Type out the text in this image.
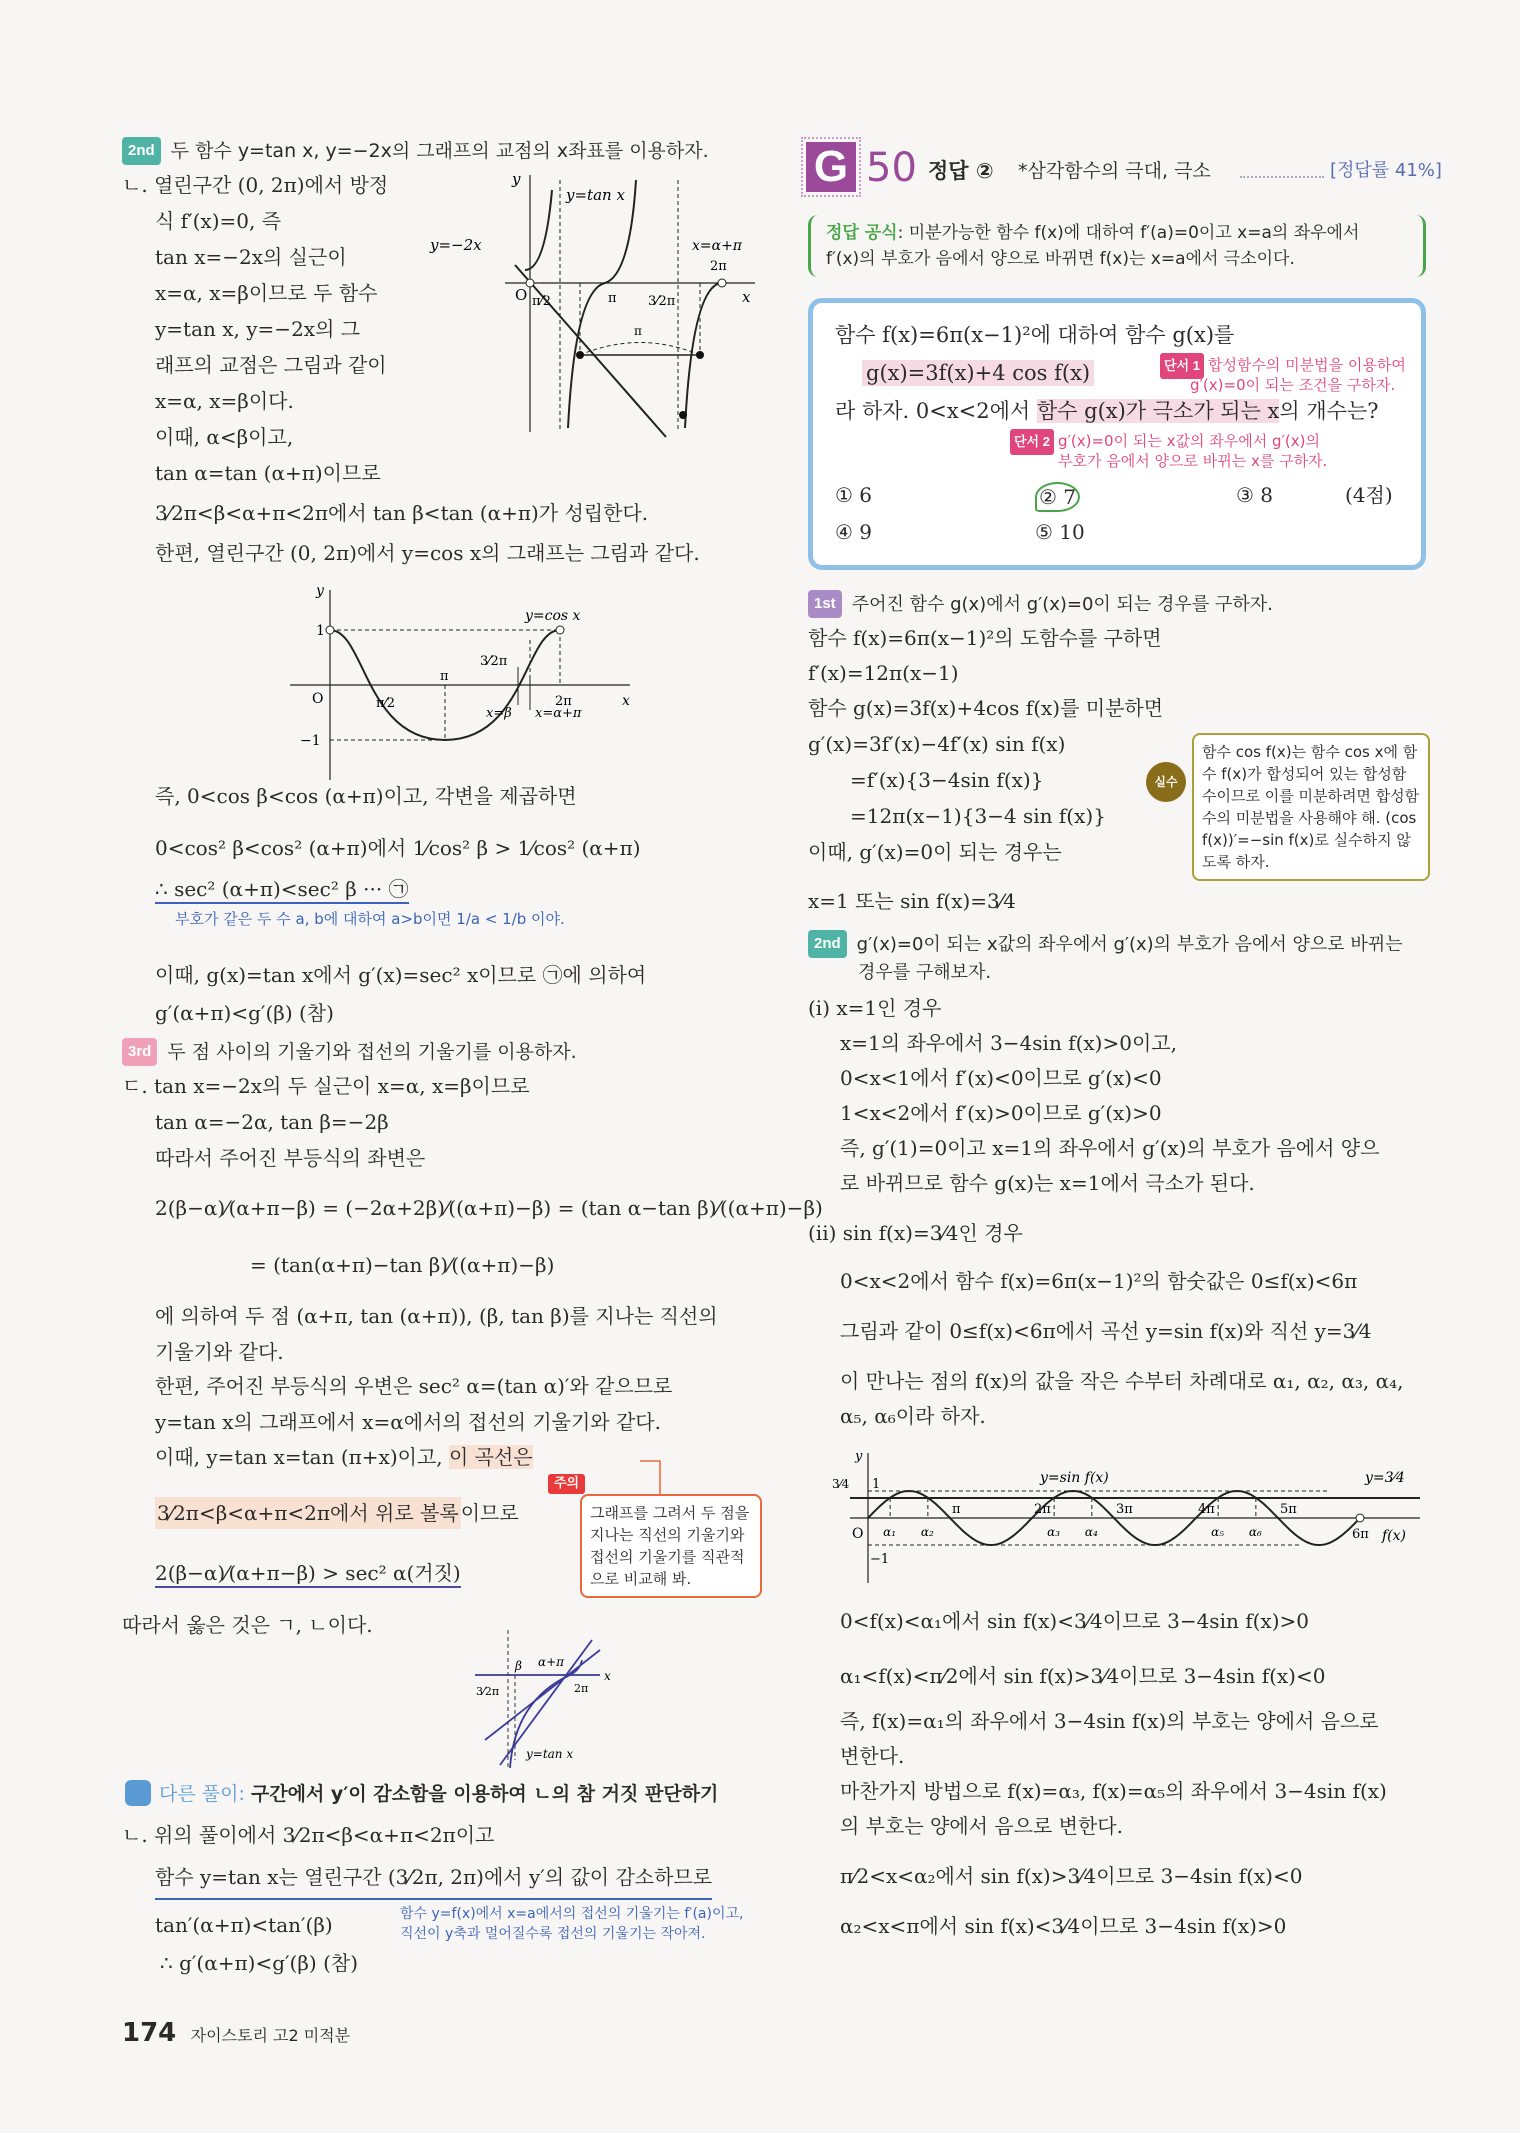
2nd 두 함수 y=tan x, y=−2x의 그래프의 교점의 x좌표를 이용하자.
ㄴ. 열린구간 (0, 2π)에서 방정
식 f′(x)=0, 즉
tan x=−2x의 실근이
x=α, x=β이므로 두 함수
y=tan x, y=−2x의 그
래프의 교점은 그림과 같이
x=α, x=β이다.
이때, α<β이고,
tan α=tan (α+π)이므로
3⁄2π<β<α+π<2π에서 tan β<tan (α+π)가 성립한다.
한편, 열린구간 (0, 2π)에서 y=cos x의 그래프는 그림과 같다.
y
x
O
y=tan x
y=−2x
π⁄2	π 3⁄2π
2π
x=α+π
π
y
x
O
1
−1
y=cos x
π⁄2
π
3⁄2π
2π
x=β x=α+π
즉, 0<cos β<cos (α+π)이고, 각변을 제곱하면
0<cos² β<cos² (α+π)에서 1⁄cos² β > 1⁄cos² (α+π)
∴ sec² (α+π)<sec² β ··· ㉠
부호가 같은 두 수 a, b에 대하여 a>b이면 1/a < 1/b 이야.
이때, g(x)=tan x에서 g′(x)=sec² x이므로 ㉠에 의하여
g′(α+π)<g′(β) (참)
3rd 두 점 사이의 기울기와 접선의 기울기를 이용하자.
ㄷ. tan x=−2x의 두 실근이 x=α, x=β이므로
tan α=−2α, tan β=−2β
따라서 주어진 부등식의 좌변은
2(β−α)⁄(α+π−β) = (−2α+2β)⁄((α+π)−β) = (tan α−tan β)⁄((α+π)−β)
= (tan(α+π)−tan β)⁄((α+π)−β)
에 의하여 두 점 (α+π, tan (α+π)), (β, tan β)를 지나는 직선의
기울기와 같다.
한편, 주어진 부등식의 우변은 sec² α=(tan α)′와 같으므로
y=tan x의 그래프에서 x=α에서의 접선의 기울기와 같다.
이때, y=tan x=tan (π+x)이고, 이 곡선은
3⁄2π<β<α+π<2π에서 위로 볼록 이므로
2(β−α)⁄(α+π−β) > sec² α(거짓)
따라서 옳은 것은 ㄱ, ㄴ이다.
주의
그래프를 그려서 두 점을 지나는 직선의 기울기와 접선의 기울기를 직관적으로 비교해 봐.
β α+π
3⁄2π	2π
x
y=tan x
다른 풀이: 구간에서 y′이 감소함을 이용하여 ㄴ의 참 거짓 판단하기
ㄴ. 위의 풀이에서 3⁄2π<β<α+π<2π이고
함수 y=tan x는 열린구간 (3⁄2π, 2π)에서 y′의 값이 감소하므로
tan′(α+π)<tan′(β)	함수 y=f(x)에서 x=a에서의 접선의 기울기는 f′(a)이고,
직선이 y축과 멀어질수록 접선의 기울기는 작아져.
∴ g′(α+π)<g′(β) (참)
174 자이스토리 고2 미적분
G 50 정답 ② *삼각함수의 극대, 극소	[정답률 41%]
정답 공식: 미분가능한 함수 f(x)에 대하여 f′(a)=0이고 x=a의 좌우에서
f′(x)의 부호가 음에서 양으로 바뀌면 f(x)는 x=a에서 극소이다.
함수 f(x)=6π(x−1)²에 대하여 함수 g(x)를
g(x)=3f(x)+4 cos f(x)	단서 1 합성함수의 미분법을 이용하여
g′(x)=0이 되는 조건을 구하자.
라 하자. 0<x<2에서 함수 g(x)가 극소가 되는 x의 개수는?
단서 2 g′(x)=0이 되는 x값의 좌우에서 g′(x)의
부호가 음에서 양으로 바뀌는 x를 구하자.
(4점)
① 6	② 7	③ 8
④ 9	⑤ 10
1st 주어진 함수 g(x)에서 g′(x)=0이 되는 경우를 구하자.
함수 f(x)=6π(x−1)²의 도함수를 구하면
f′(x)=12π(x−1)
함수 g(x)=3f(x)+4cos f(x)를 미분하면
g′(x)=3f′(x)−4f′(x) sin f(x)
=f′(x){3−4sin f(x)}
=12π(x−1){3−4 sin f(x)}
이때, g′(x)=0이 되는 경우는
x=1 또는 sin f(x)=3⁄4
실수
함수 cos f(x)는 함수 cos x에 함수 f(x)가 합성되어 있는 합성함수이므로 이를 미분하려면 합성함수의 미분법을 사용해야 해. (cos f(x))′=−sin f(x)로 실수하지 않도록 하자.
2nd g′(x)=0이 되는 x값의 좌우에서 g′(x)의 부호가 음에서 양으로 바뀌는
경우를 구해보자.
(i) x=1인 경우
x=1의 좌우에서 3−4sin f(x)>0이고,
0<x<1에서 f′(x)<0이므로 g′(x)<0
1<x<2에서 f′(x)>0이므로 g′(x)>0
즉, g′(1)=0이고 x=1의 좌우에서 g′(x)의 부호가 음에서 양으
로 바뀌므로 함수 g(x)는 x=1에서 극소가 된다.
(ii) sin f(x)=3⁄4인 경우
0<x<2에서 함수 f(x)=6π(x−1)²의 함숫값은 0≤f(x)<6π
그림과 같이 0≤f(x)<6π에서 곡선 y=sin f(x)와 직선 y=3⁄4
이 만나는 점의 f(x)의 값을 작은 수부터 차례대로 α₁, α₂, α₃, α₄,
α₅, α₆이라 하자.
y
f(x)
O
1
−1
3⁄4	y=sin f(x)	y=3⁄4
α₁ α₂	α₃ α₄	α₅ α₆
π	2π	3π	4π	5π
6π
0<f(x)<α₁에서 sin f(x)<3⁄4이므로 3−4sin f(x)>0
α₁<f(x)<π⁄2에서 sin f(x)>3⁄4이므로 3−4sin f(x)<0
즉, f(x)=α₁의 좌우에서 3−4sin f(x)의 부호는 양에서 음으로
변한다.
마찬가지 방법으로 f(x)=α₃, f(x)=α₅의 좌우에서 3−4sin f(x)
의 부호는 양에서 음으로 변한다.
π⁄2<x<α₂에서 sin f(x)>3⁄4이므로 3−4sin f(x)<0
α₂<x<π에서 sin f(x)<3⁄4이므로 3−4sin f(x)>0
